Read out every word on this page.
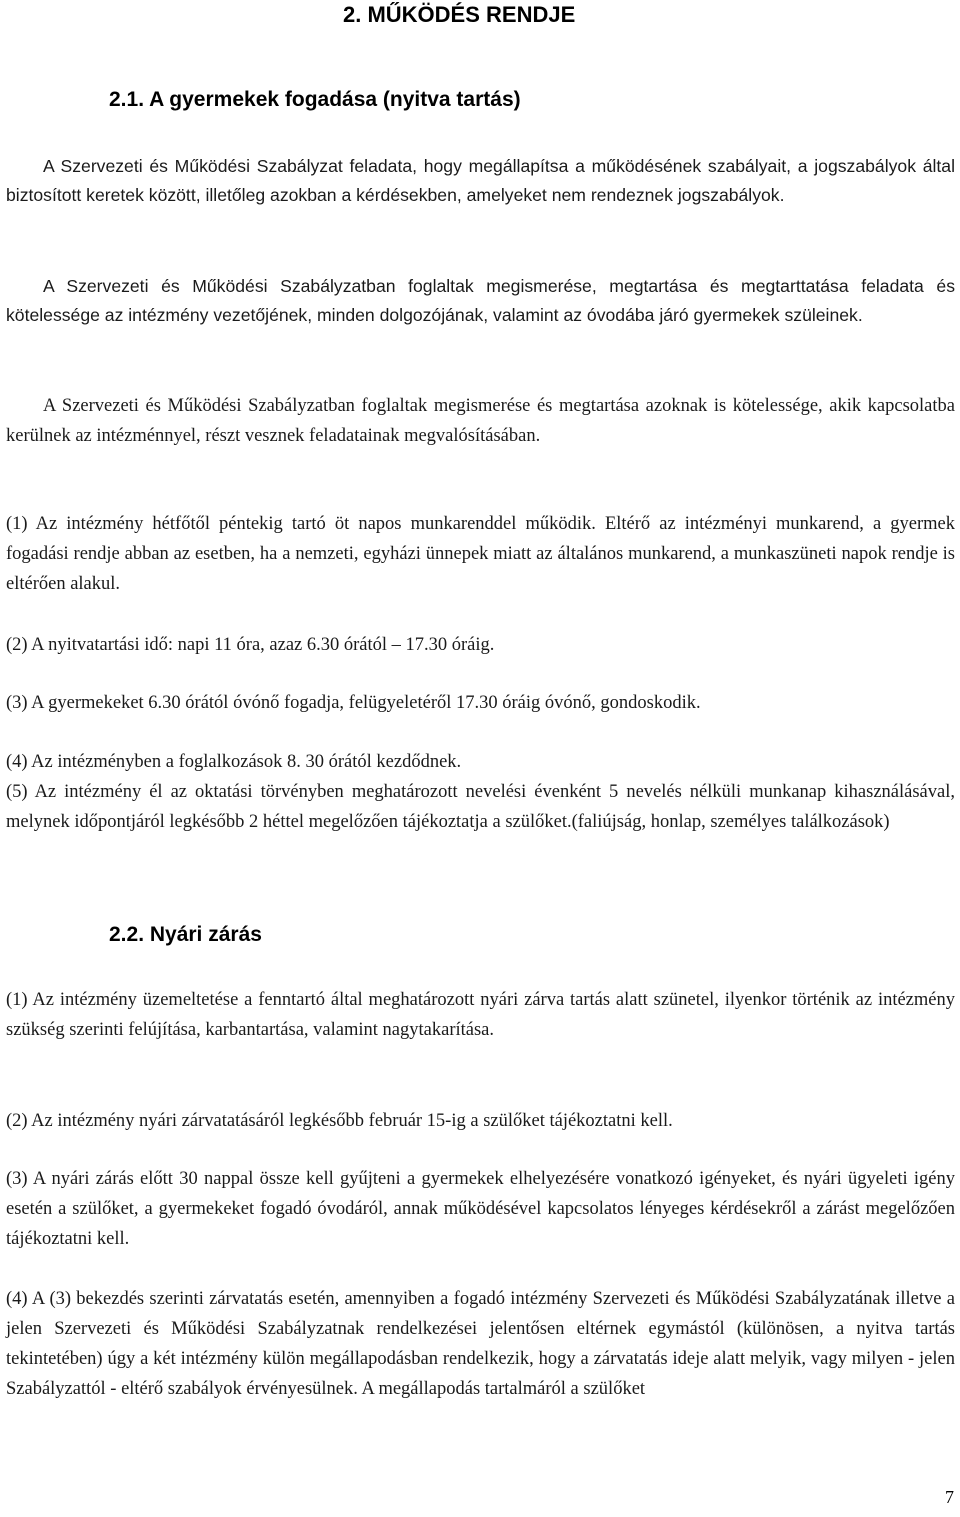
2. MŰKÖDÉS RENDJE
2.1. A gyermekek fogadása (nyitva tartás)

A Szervezeti és Működési Szabályzat feladata, hogy megállapítsa a működésének szabályait, a jogszabályok által biztosított keretek között, illetőleg azokban a kérdésekben, amelyeket nem rendeznek jogszabályok.

A Szervezeti és Működési Szabályzatban foglaltak megismerése, megtartása és megtarttatása feladata és kötelessége az intézmény vezetőjének, minden dolgozójának, valamint az óvodába járó gyermekek szüleinek.

A Szervezeti és Működési Szabályzatban foglaltak megismerése és megtartása azoknak is kötelessége, akik kapcsolatba kerülnek az intézménnyel, részt vesznek feladatainak megvalósításában.

(1) Az intézmény hétfőtől péntekig tartó öt napos munkarenddel működik. Eltérő az intézményi munkarend, a gyermek fogadási rendje abban az esetben, ha a nemzeti, egyházi ünnepek miatt az általános munkarend, a munkaszüneti napok rendje is eltérően alakul.

(2) A nyitvatartási idő: napi 11 óra, azaz 6.30 órától – 17.30 óráig.

(3) A gyermekeket 6.30 órától óvónő fogadja, felügyeletéről 17.30 óráig óvónő, gondoskodik.

(4) Az intézményben a foglalkozások 8. 30 órától kezdődnek.

(5) Az intézmény él az oktatási törvényben meghatározott nevelési évenként 5 nevelés nélküli munkanap kihasználásával, melynek időpontjáról legkésőbb 2 héttel megelőzően tájékoztatja a szülőket.(faliújság, honlap, személyes találkozások)

2.2. Nyári zárás

(1) Az intézmény üzemeltetése a fenntartó által meghatározott nyári zárva tartás alatt szünetel, ilyenkor történik az intézmény szükség szerinti felújítása, karbantartása, valamint nagytakarítása.

(2) Az intézmény nyári zárvatatásáról legkésőbb február 15-ig a szülőket tájékoztatni kell.

(3) A nyári zárás előtt 30 nappal össze kell gyűjteni a gyermekek elhelyezésére vonatkozó igényeket, és nyári ügyeleti igény esetén a szülőket, a gyermekeket fogadó óvodáról, annak működésével kapcsolatos lényeges kérdésekről a zárást megelőzően tájékoztatni kell.

(4) A (3) bekezdés szerinti zárvatatás esetén, amennyiben a fogadó intézmény Szervezeti és Működési Szabályzatának illetve a jelen Szervezeti és Működési Szabályzatnak rendelkezései jelentősen eltérnek egymástól (különösen, a nyitva tartás tekintetében) úgy a két intézmény külön megállapodásban rendelkezik, hogy a zárvatatás ideje alatt melyik, vagy milyen - jelen Szabályzattól - eltérő szabályok érvényesülnek. A megállapodás tartalmáról a szülőket

7
